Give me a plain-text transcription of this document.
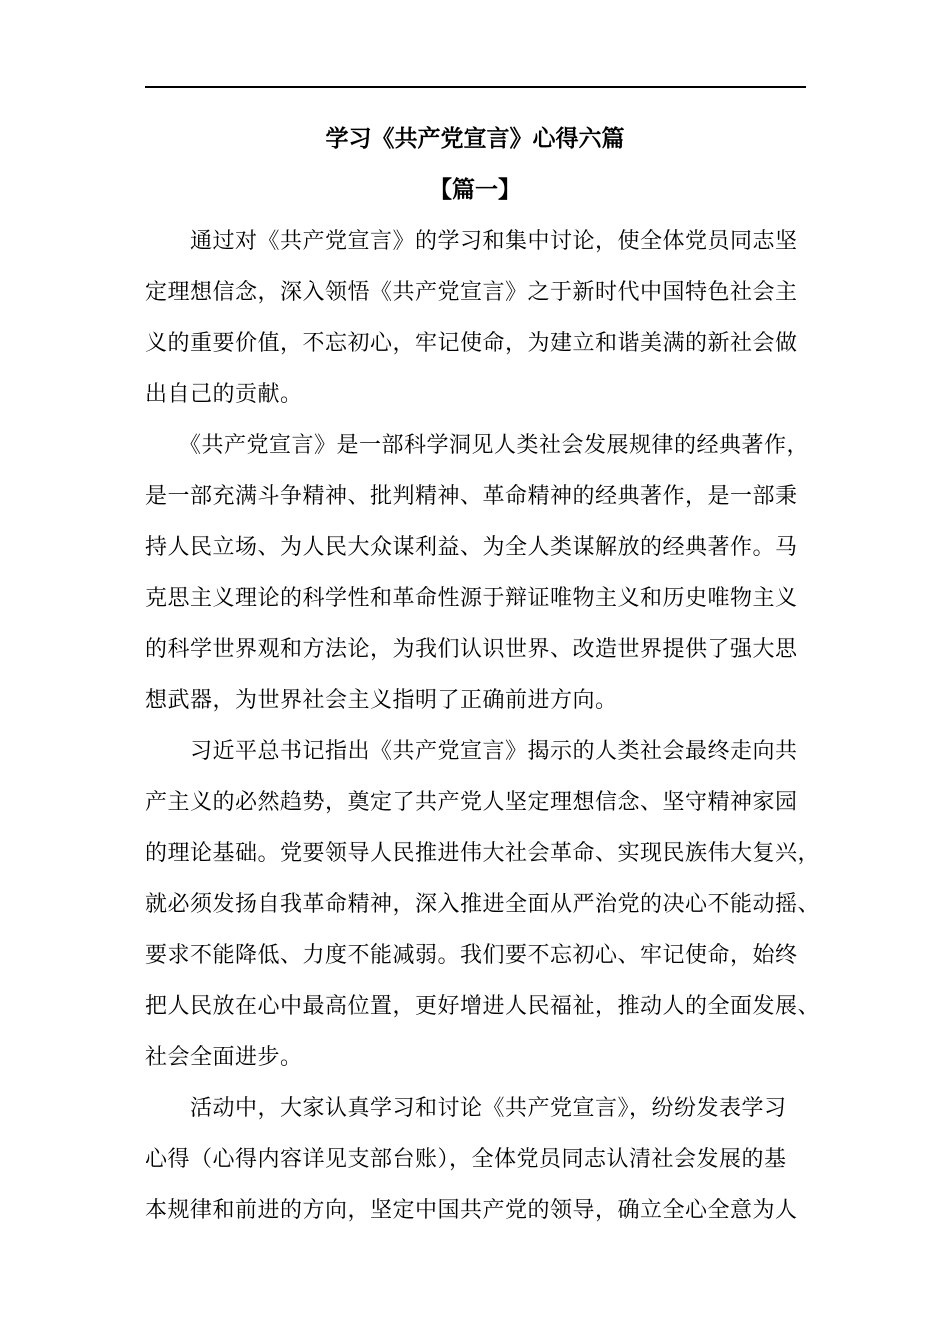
学习《共产党宣言》心得六篇
【篇一】
　　通过对《共产党宣言》的学习和集中讨论，使全体党员同志坚
定理想信念，深入领悟《共产党宣言》之于新时代中国特色社会主
义的重要价值，不忘初心，牢记使命，为建立和谐美满的新社会做
出自己的贡献。
　　《共产党宣言》是一部科学洞见人类社会发展规律的经典著作，
是一部充满斗争精神、批判精神、革命精神的经典著作，是一部秉
持人民立场、为人民大众谋利益、为全人类谋解放的经典著作。马
克思主义理论的科学性和革命性源于辩证唯物主义和历史唯物主义
的科学世界观和方法论，为我们认识世界、改造世界提供了强大思
想武器，为世界社会主义指明了正确前进方向。
　　习近平总书记指出《共产党宣言》揭示的人类社会最终走向共
产主义的必然趋势，奠定了共产党人坚定理想信念、坚守精神家园
的理论基础。党要领导人民推进伟大社会革命、实现民族伟大复兴，
就必须发扬自我革命精神，深入推进全面从严治党的决心不能动摇、
要求不能降低、力度不能减弱。我们要不忘初心、牢记使命，始终
把人民放在心中最高位置，更好增进人民福祉，推动人的全面发展、
社会全面进步。
　　活动中，大家认真学习和讨论《共产党宣言》，纷纷发表学习
心得（心得内容详见支部台账），全体党员同志认清社会发展的基
本规律和前进的方向，坚定中国共产党的领导，确立全心全意为人
